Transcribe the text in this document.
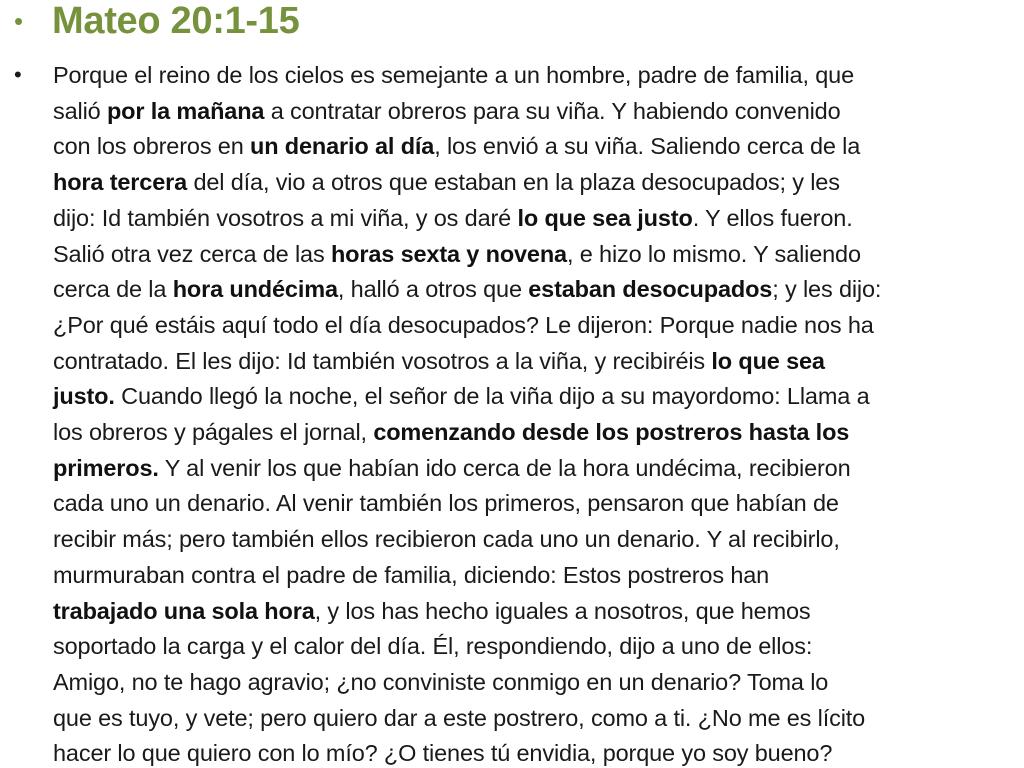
• Mateo 20:1-15
• Porque el reino de los cielos es semejante a un hombre, padre de familia, que
salió por la mañana a contratar obreros para su viña. Y habiendo convenido
con los obreros en un denario al día, los envió a su viña. Saliendo cerca de la
hora tercera del día, vio a otros que estaban en la plaza desocupados; y les
dijo: Id también vosotros a mi viña, y os daré lo que sea justo. Y ellos fueron.
Salió otra vez cerca de las horas sexta y novena, e hizo lo mismo. Y saliendo
cerca de la hora undécima, halló a otros que estaban desocupados; y les dijo:
¿Por qué estáis aquí todo el día desocupados? Le dijeron: Porque nadie nos ha
contratado. El les dijo: Id también vosotros a la viña, y recibiréis lo que sea
justo. Cuando llegó la noche, el señor de la viña dijo a su mayordomo: Llama a
los obreros y págales el jornal, comenzando desde los postreros hasta los
primeros. Y al venir los que habían ido cerca de la hora undécima, recibieron
cada uno un denario. Al venir también los primeros, pensaron que habían de
recibir más; pero también ellos recibieron cada uno un denario. Y al recibirlo,
murmuraban contra el padre de familia, diciendo: Estos postreros han
trabajado una sola hora, y los has hecho iguales a nosotros, que hemos
soportado la carga y el calor del día. Él, respondiendo, dijo a uno de ellos:
Amigo, no te hago agravio; ¿no conviniste conmigo en un denario? Toma lo
que es tuyo, y vete; pero quiero dar a este postrero, como a ti. ¿No me es lícito
hacer lo que quiero con lo mío? ¿O tienes tú envidia, porque yo soy bueno?
